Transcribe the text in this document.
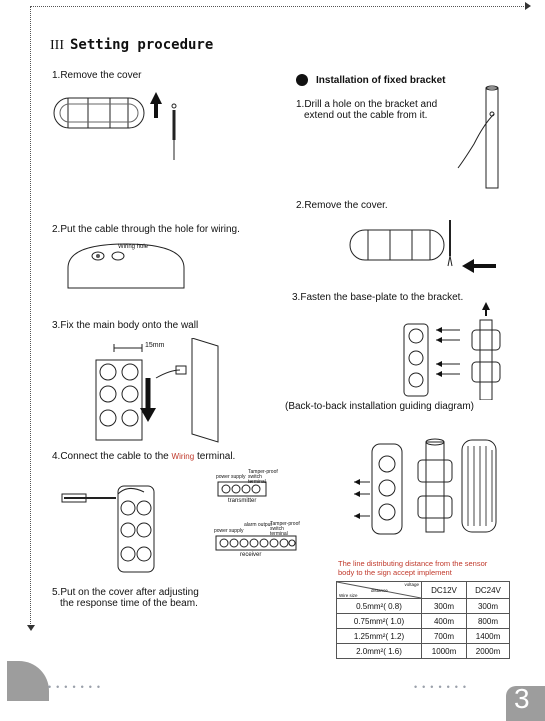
III Setting procedure
1.Remove the cover
2.Put the cable through the hole for wiring.
Wiring hole
3.Fix the main body onto the wall
15mm
4.Connect the cable to the Wiring terminal.
power supply
Tamper-proof switch terminal
transmitter
power supply
alarm output
Tamper-proof switch terminal
receiver
5.Put on the cover after adjusting
the response time of the beam.
Installation of fixed bracket
1.Drill a hole on the bracket and
extend out the cable from it.
2.Remove the cover.
3.Fasten the base-plate to the bracket.
(Back-to-back installation guiding diagram)
The line distributing distance from the sensor
body to the sign accept implement
voltage
distance
Wire size	DC12V	DC24V
0.5mm²( 0.8)	300m	300m
0.75mm²( 1.0)	400m	800m
1.25mm²( 1.2)	700m	1400m
2.0mm²( 1.6)	1000m	2000m
•••••••	••••••• 3
